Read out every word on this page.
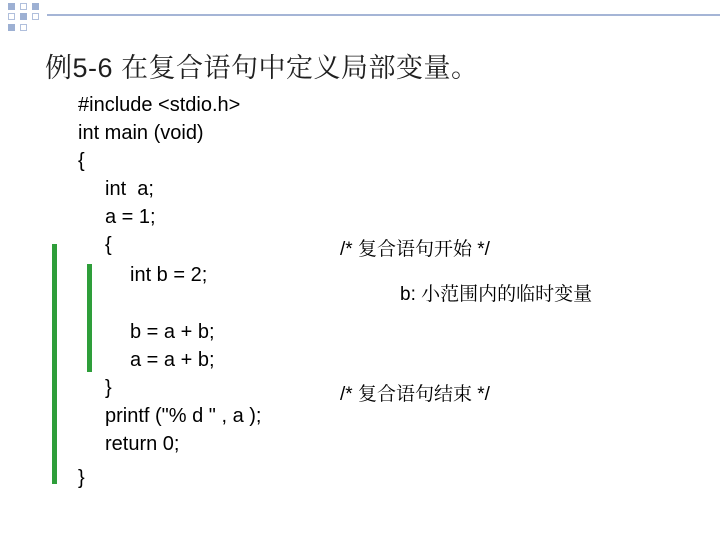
例5-6 在复合语句中定义局部变量。
#include <stdio.h>
int main (void)
{
int  a;
a = 1;
{
int b = 2;
b = a + b;
a = a + b;
}
printf ("% d " , a );
return 0;
}
/* 复合语句开始 */
b: 小范围内的临时变量
/* 复合语句结束 */
